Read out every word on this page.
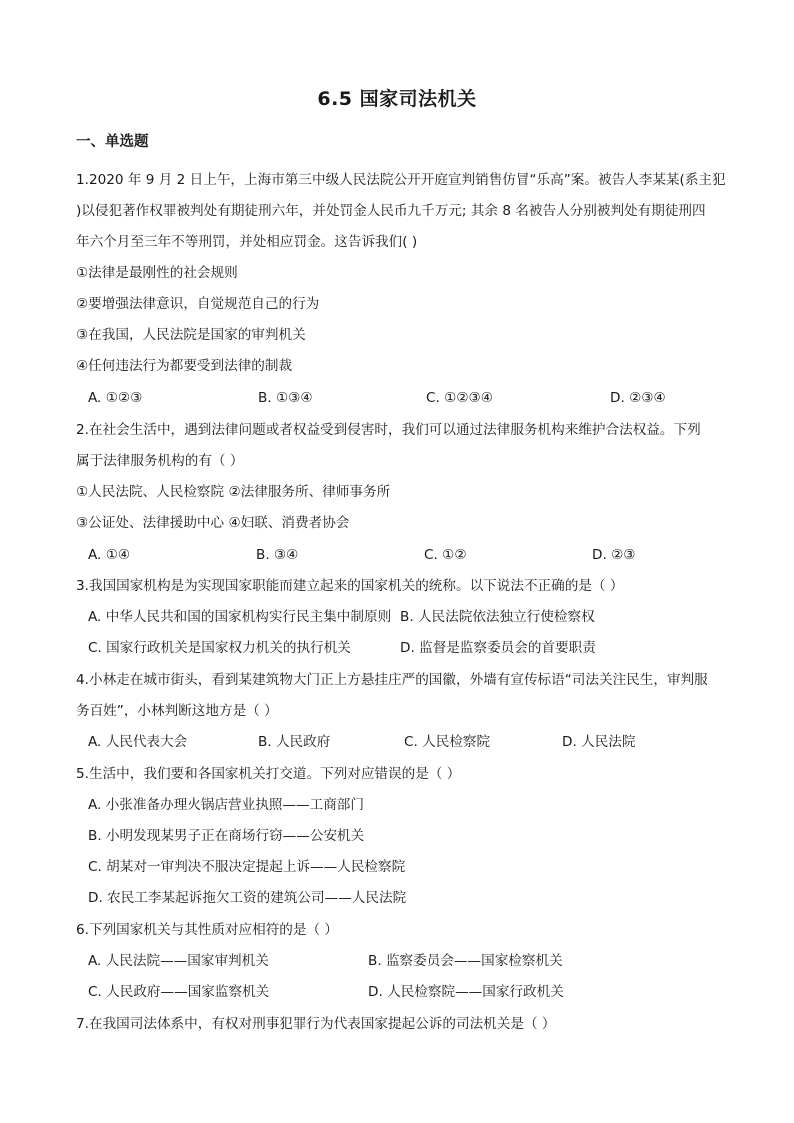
6.5 国家司法机关
一、单选题
1.2020 年 9 月 2 日上午，上海市第三中级人民法院公开开庭宣判销售仿冒“乐高”案。被告人李某某(系主犯
)以侵犯著作权罪被判处有期徒刑六年，并处罚金人民币九千万元; 其余 8 名被告人分别被判处有期徒刑四
年六个月至三年不等刑罚，并处相应罚金。这告诉我们( )
①法律是最刚性的社会规则
②要增强法律意识，自觉规范自己的行为
③在我国，人民法院是国家的审判机关
④任何违法行为都要受到法律的制裁
A. ①②③	B. ①③④	C. ①②③④	D. ②③④
2.在社会生活中，遇到法律问题或者权益受到侵害时，我们可以通过法律服务机构来维护合法权益。下列
属于法律服务机构的有（ ）
①人民法院、人民检察院 ②法律服务所、律师事务所
③公证处、法律援助中心 ④妇联、消费者协会
A. ①④	B. ③④	C. ①②	D. ②③
3.我国国家机构是为实现国家职能而建立起来的国家机关的统称。以下说法不正确的是（ ）
A. 中华人民共和国的国家机构实行民主集中制原则 B. 人民法院依法独立行使检察权
C. 国家行政机关是国家权力机关的执行机关	D. 监督是监察委员会的首要职责
4.小林走在城市街头，看到某建筑物大门正上方悬挂庄严的国徽，外墙有宣传标语“司法关注民生，审判服
务百姓”，小林判断这地方是（ ）
A. 人民代表大会	B. 人民政府	C. 人民检察院	D. 人民法院
5.生活中，我们要和各国家机关打交道。下列对应错误的是（ ）
A. 小张准备办理火锅店营业执照——工商部门
B. 小明发现某男子正在商场行窃——公安机关
C. 胡某对一审判决不服决定提起上诉——人民检察院
D. 农民工李某起诉拖欠工资的建筑公司——人民法院
6.下列国家机关与其性质对应相符的是（ ）
A. 人民法院——国家审判机关	B. 监察委员会——国家检察机关
C. 人民政府——国家监察机关	D. 人民检察院——国家行政机关
7.在我国司法体系中，有权对刑事犯罪行为代表国家提起公诉的司法机关是（ ）
